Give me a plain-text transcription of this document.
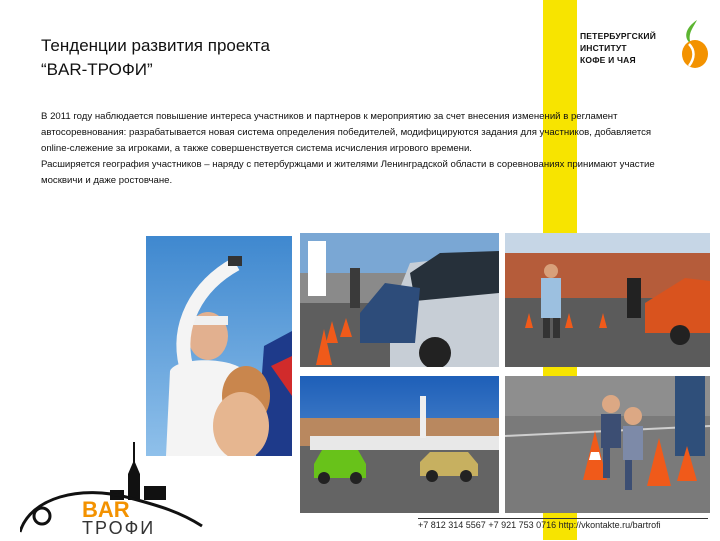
Тенденции развития проекта
“BAR-ТРОФИ”
ПЕТЕРБУРГСКИЙ
ИНСТИТУТ
КОФЕ И ЧАЯ

В 2011 году наблюдается повышение интереса участников и партнеров к мероприятию за счет внесения изменений в регламент автосоревнования: разрабатывается новая система определения победителей, модифицируются задания для участников, добавляется online-слежение за игроками, а также совершенствуется система исчисления игрового времени.

Расширяется география участников – наряду с петербуржцами и жителями Ленинградской области в соревнованиях принимают участие москвичи и даже ростовчане.

BAR
ТРОФИ	+7 812 314 5567 +7 921 753 0716 http://vkontakte.ru/bartrofi
